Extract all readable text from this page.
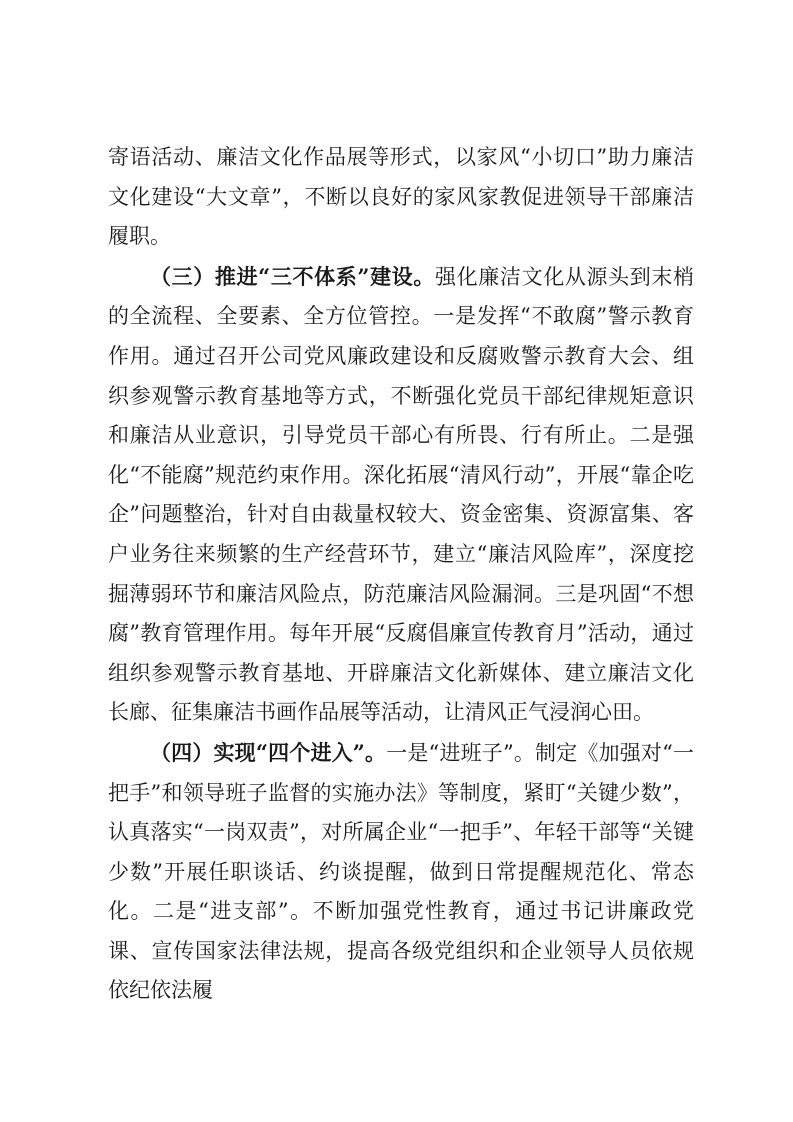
寄语活动、廉洁文化作品展等形式，以家风“小切口”助力廉洁文化建设“大文章”，不断以良好的家风家教促进领导干部廉洁履职。

（三）推进“三不体系”建设。强化廉洁文化从源头到末梢的全流程、全要素、全方位管控。一是发挥“不敢腐”警示教育作用。通过召开公司党风廉政建设和反腐败警示教育大会、组织参观警示教育基地等方式，不断强化党员干部纪律规矩意识和廉洁从业意识，引导党员干部心有所畏、行有所止。二是强化“不能腐”规范约束作用。深化拓展“清风行动”，开展“靠企吃企”问题整治，针对自由裁量权较大、资金密集、资源富集、客户业务往来频繁的生产经营环节，建立“廉洁风险库”，深度挖掘薄弱环节和廉洁风险点，防范廉洁风险漏洞。三是巩固“不想腐”教育管理作用。每年开展“反腐倡廉宣传教育月”活动，通过组织参观警示教育基地、开辟廉洁文化新媒体、建立廉洁文化长廊、征集廉洁书画作品展等活动，让清风正气浸润心田。

（四）实现“四个进入”。一是“进班子”。制定《加强对“一把手”和领导班子监督的实施办法》等制度，紧盯“关键少数”，认真落实“一岗双责”，对所属企业“一把手”、年轻干部等“关键少数”开展任职谈话、约谈提醒，做到日常提醒规范化、常态化。二是“进支部”。不断加强党性教育，通过书记讲廉政党课、宣传国家法律法规，提高各级党组织和企业领导人员依规依纪依法履
